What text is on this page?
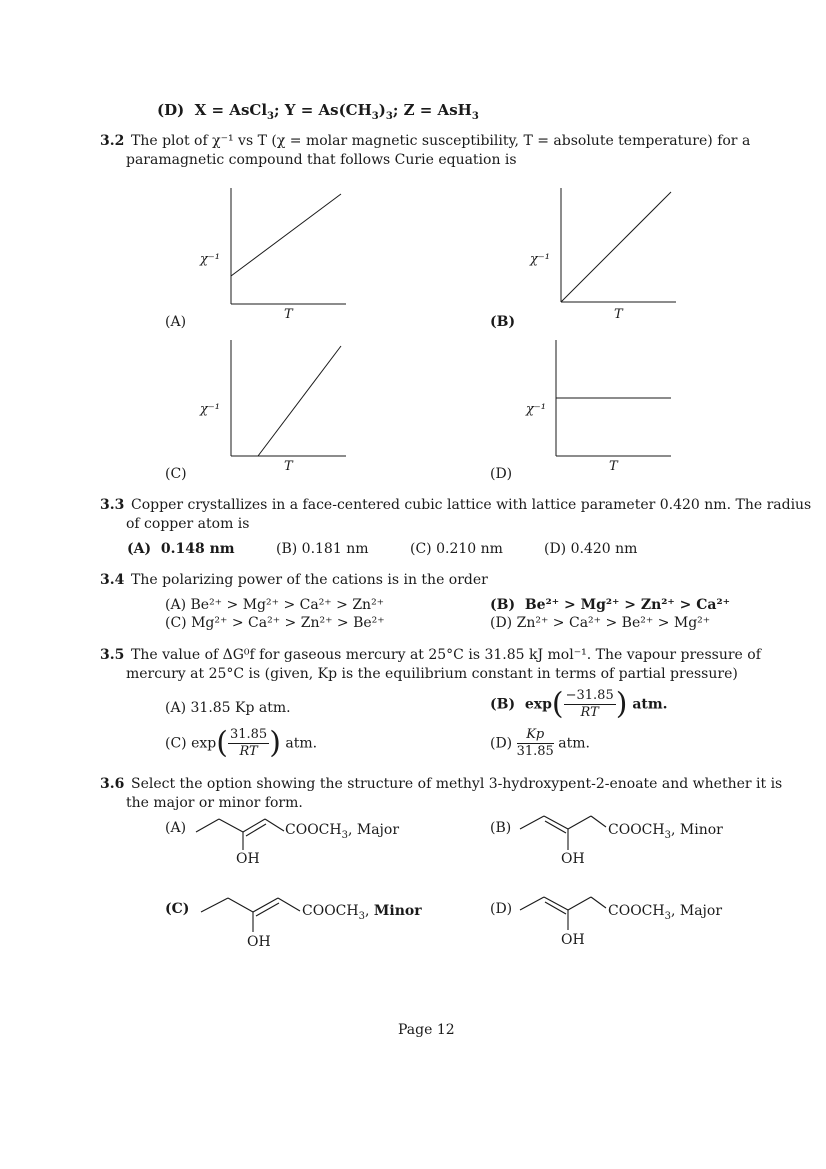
(D) X = AsCl$_3$; $Y = As(CH_3)_3$; Z = AsH$_3$
3.2 The plot of χ⁻¹ vs T (χ = molar magnetic susceptibility, T = absolute temperature) for a
paramagnetic compound that follows Curie equation is
χ⁻¹
T
(A)
χ⁻¹
T
(B)
χ⁻¹
T
(C)
χ⁻¹
T
(D)
3.3 Copper crystallizes in a face-centered cubic lattice with lattice parameter 0.420 nm. The radius
of copper atom is
(A) 0.148 nm	(B) 0.181 nm	(C) 0.210 nm	(D) 0.420 nm
3.4 The polarizing power of the cations is in the order
(A) Be²⁺ > Mg²⁺ > Ca²⁺ > Zn²⁺	(B) Be²⁺ > Mg²⁺ > Zn²⁺ > Ca²⁺
(C) Mg²⁺ > Ca²⁺ > Zn²⁺ > Be²⁺	(D) Zn²⁺ > Ca²⁺ > Be²⁺ > Mg²⁺
3.5 The value of ΔG⁰f for gaseous mercury at 25°C is 31.85 kJ mol⁻¹. The vapour pressure of
mercury at 25°C is (given, Kp is the equilibrium constant in terms of partial pressure)
(A) 31.85 Kp atm.	(B) $\exp( \frac{-31.85}{RT}$ ) atm.
(C) $\exp( \frac{31.85}{RT}$ ) atm.	$(D) \frac{Kp}{31.85}$ atm.
3.6 Select the option showing the structure of methyl 3-hydroxypent-2-enoate and whether it is
the major or minor form.
(A)	$COOCH_3$, Major
OH
(B)	$COOCH_3$, Minor
OH
(C)	$COOCH_3$, Minor
OH
(D)	$COOCH_3$, Major
OH
Page 12
